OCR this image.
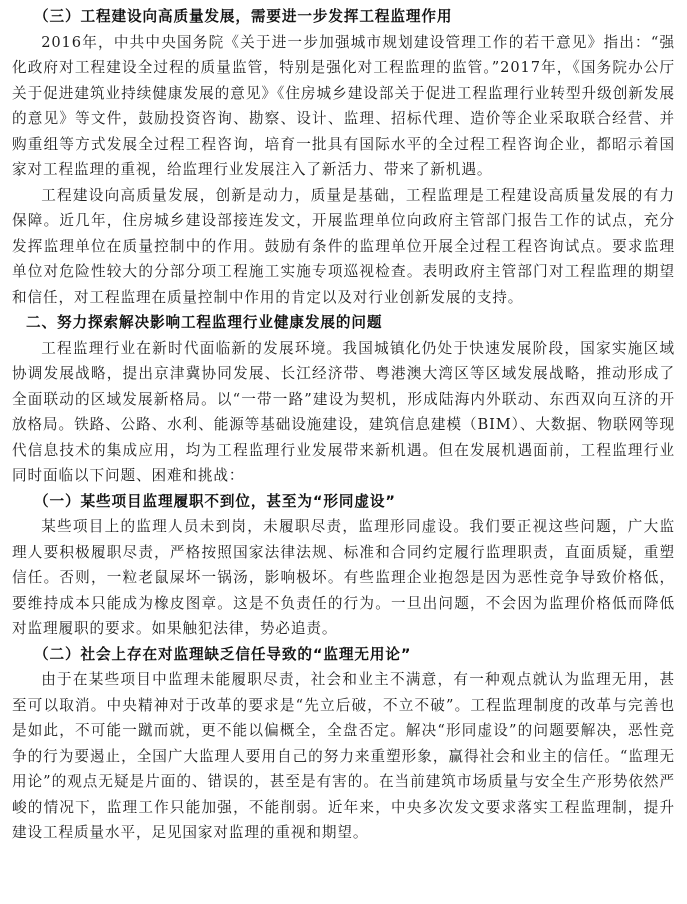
（三）工程建设向高质量发展，需要进一步发挥工程监理作用

2016年，中共中央国务院《关于进一步加强城市规划建设管理工作的若干意见》指出：“强化政府对工程建设全过程的质量监管，特别是强化对工程监理的监管。”2017年，《国务院办公厅关于促进建筑业持续健康发展的意见》《住房城乡建设部关于促进工程监理行业转型升级创新发展的意见》等文件，鼓励投资咨询、勘察、设计、监理、招标代理、造价等企业采取联合经营、并购重组等方式发展全过程工程咨询，培育一批具有国际水平的全过程工程咨询企业，都昭示着国家对工程监理的重视，给监理行业发展注入了新活力、带来了新机遇。

工程建设向高质量发展，创新是动力，质量是基础，工程监理是工程建设高质量发展的有力保障。近几年，住房城乡建设部接连发文，开展监理单位向政府主管部门报告工作的试点，充分发挥监理单位在质量控制中的作用。鼓励有条件的监理单位开展全过程工程咨询试点。要求监理单位对危险性较大的分部分项工程施工实施专项巡视检查。表明政府主管部门对工程监理的期望和信任，对工程监理在质量控制中作用的肯定以及对行业创新发展的支持。

二、努力探索解决影响工程监理行业健康发展的问题

工程监理行业在新时代面临新的发展环境。我国城镇化仍处于快速发展阶段，国家实施区域协调发展战略，提出京津冀协同发展、长江经济带、粤港澳大湾区等区域发展战略，推动形成了全面联动的区域发展新格局。以“一带一路”建设为契机，形成陆海内外联动、东西双向互济的开放格局。铁路、公路、水利、能源等基础设施建设，建筑信息建模（BIM）、大数据、物联网等现代信息技术的集成应用，均为工程监理行业发展带来新机遇。但在发展机遇面前，工程监理行业同时面临以下问题、困难和挑战：

（一）某些项目监理履职不到位，甚至为“形同虚设”

某些项目上的监理人员未到岗，未履职尽责，监理形同虚设。我们要正视这些问题，广大监理人要积极履职尽责，严格按照国家法律法规、标准和合同约定履行监理职责，直面质疑，重塑信任。否则，一粒老鼠屎坏一锅汤，影响极坏。有些监理企业抱怨是因为恶性竞争导致价格低，要维持成本只能成为橡皮图章。这是不负责任的行为。一旦出问题，不会因为监理价格低而降低对监理履职的要求。如果触犯法律，势必追责。

（二）社会上存在对监理缺乏信任导致的“监理无用论”

由于在某些项目中监理未能履职尽责，社会和业主不满意，有一种观点就认为监理无用，甚至可以取消。中央精神对于改革的要求是“先立后破，不立不破”。工程监理制度的改革与完善也是如此，不可能一蹴而就，更不能以偏概全，全盘否定。解决“形同虚设”的问题要解决，恶性竞争的行为要遏止，全国广大监理人要用自己的努力来重塑形象，赢得社会和业主的信任。“监理无用论”的观点无疑是片面的、错误的，甚至是有害的。在当前建筑市场质量与安全生产形势依然严峻的情况下，监理工作只能加强，不能削弱。近年来，中央多次发文要求落实工程监理制，提升建设工程质量水平，足见国家对监理的重视和期望。
